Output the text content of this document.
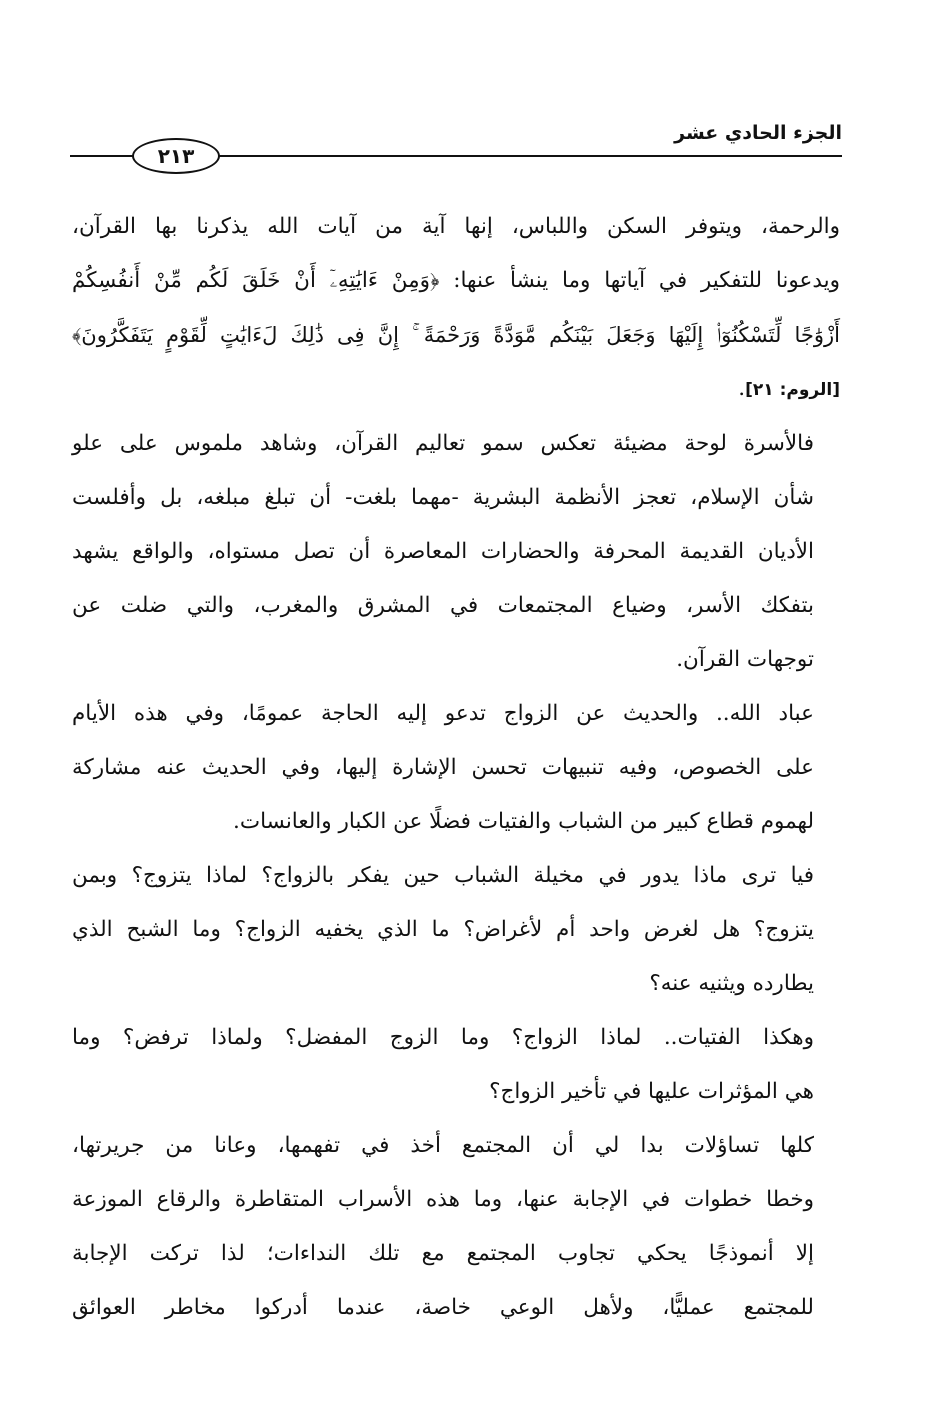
الجزء الحادي عشر
٢١٣

والرحمة، ويتوفر السكن واللباس، إنها آية من آيات الله يذكرنا بها القرآن،
ويدعونا للتفكير في آياتها وما ينشأ عنها: ﴿وَمِنْ ءَايَٰتِهِۦٓ أَنْ خَلَقَ لَكُم مِّنْ أَنفُسِكُمْ
أَزْوَٰجًا لِّتَسْكُنُوٓا۟ إِلَيْهَا وَجَعَلَ بَيْنَكُم مَّوَدَّةً وَرَحْمَةً ۚ إِنَّ فِى ذَٰلِكَ لَءَايَٰتٍ لِّقَوْمٍ يَتَفَكَّرُونَ﴾
[الروم: ٢١].

فالأسرة لوحة مضيئة تعكس سمو تعاليم القرآن، وشاهد ملموس على علو
شأن الإسلام، تعجز الأنظمة البشرية -مهما بلغت- أن تبلغ مبلغه، بل وأفلست
الأديان القديمة المحرفة والحضارات المعاصرة أن تصل مستواه، والواقع يشهد
بتفكك الأسر، وضياع المجتمعات في المشرق والمغرب، والتي ضلت عن
توجهات القرآن.

عباد الله.. والحديث عن الزواج تدعو إليه الحاجة عمومًا، وفي هذه الأيام
على الخصوص، وفيه تنبيهات تحسن الإشارة إليها، وفي الحديث عنه مشاركة
لهموم قطاع كبير من الشباب والفتيات فضلًا عن الكبار والعانسات.

فيا ترى ماذا يدور في مخيلة الشباب حين يفكر بالزواج؟ لماذا يتزوج؟ وبمن
يتزوج؟ هل لغرض واحد أم لأغراض؟ ما الذي يخفيه الزواج؟ وما الشبح الذي
يطارده ويثنيه عنه؟

وهكذا الفتيات.. لماذا الزواج؟ وما الزوج المفضل؟ ولماذا ترفض؟ وما
هي المؤثرات عليها في تأخير الزواج؟

كلها تساؤلات بدا لي أن المجتمع أخذ في تفهمها، وعانا من جريرتها،
وخطا خطوات في الإجابة عنها، وما هذه الأسراب المتقاطرة والرقاع الموزعة
إلا أنموذجًا يحكي تجاوب المجتمع مع تلك النداءات؛ لذا تركت الإجابة
للمجتمع عمليًّا، ولأهل الوعي خاصة، عندما أدركوا مخاطر العوائق
